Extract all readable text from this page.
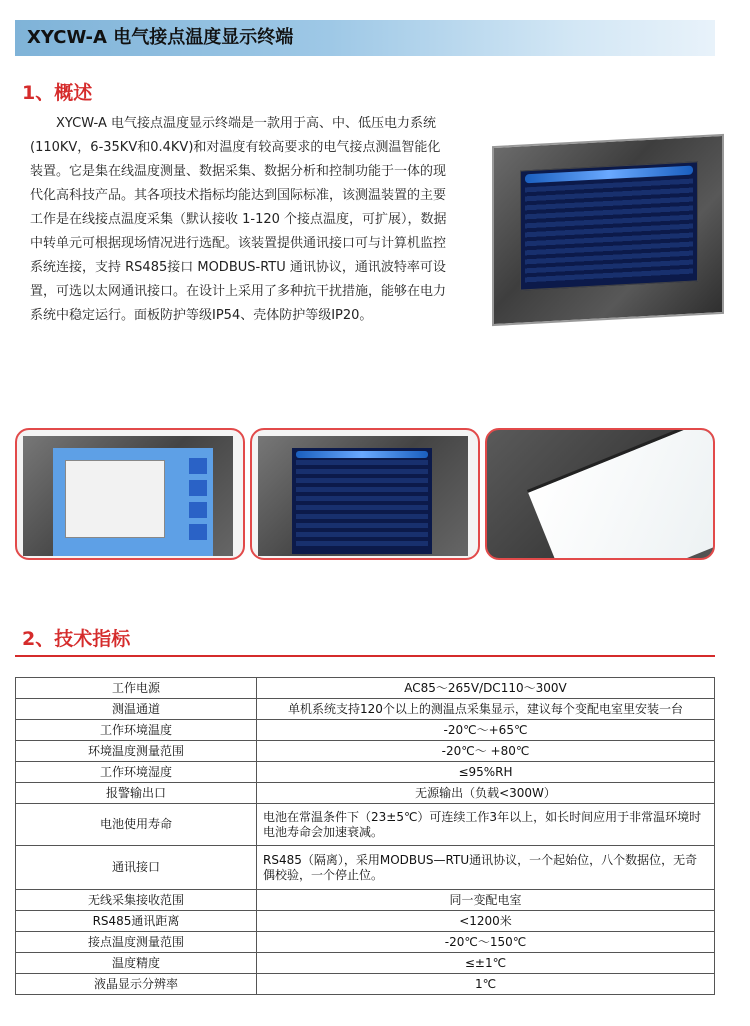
XYCW-A 电气接点温度显示终端
1、概述

XYCW-A 电气接点温度显示终端是一款用于高、中、低压电力系统(110KV，6-35KV和0.4KV)和对温度有较高要求的电气接点测温智能化装置。它是集在线温度测量、数据采集、数据分析和控制功能于一体的现代化高科技产品。其各项技术指标均能达到国际标准，该测温装置的主要工作是在线接点温度采集（默认接收 1-120 个接点温度，可扩展），数据中转单元可根据现场情况进行选配。该装置提供通讯接口可与计算机监控系统连接，支持 RS485接口 MODBUS-RTU 通讯协议，通讯波特率可设置，可选以太网通讯接口。在设计上采用了多种抗干扰措施，能够在电力系统中稳定运行。面板防护等级IP54、壳体防护等级IP20。

2、技术指标
工作电源	AC85～265V/DC110～300V
测温通道	单机系统支持120个以上的测温点采集显示，建议每个变配电室里安装一台
工作环境温度	-20℃～+65℃
环境温度测量范围	-20℃～ +80℃
工作环境湿度	≤95%RH
报警输出口	无源输出（负载<300W）
电池使用寿命	电池在常温条件下（23±5℃）可连续工作3年以上，如长时间应用于非常温环境时电池寿命会加速衰减。
通讯接口	RS485（隔离），采用MODBUS—RTU通讯协议，一个起始位，八个数据位，无奇偶校验，一个停止位。
无线采集接收范围	同一变配电室
RS485通讯距离	<1200米
接点温度测量范围	-20℃～150℃
温度精度	≤±1℃
液晶显示分辨率	1℃
